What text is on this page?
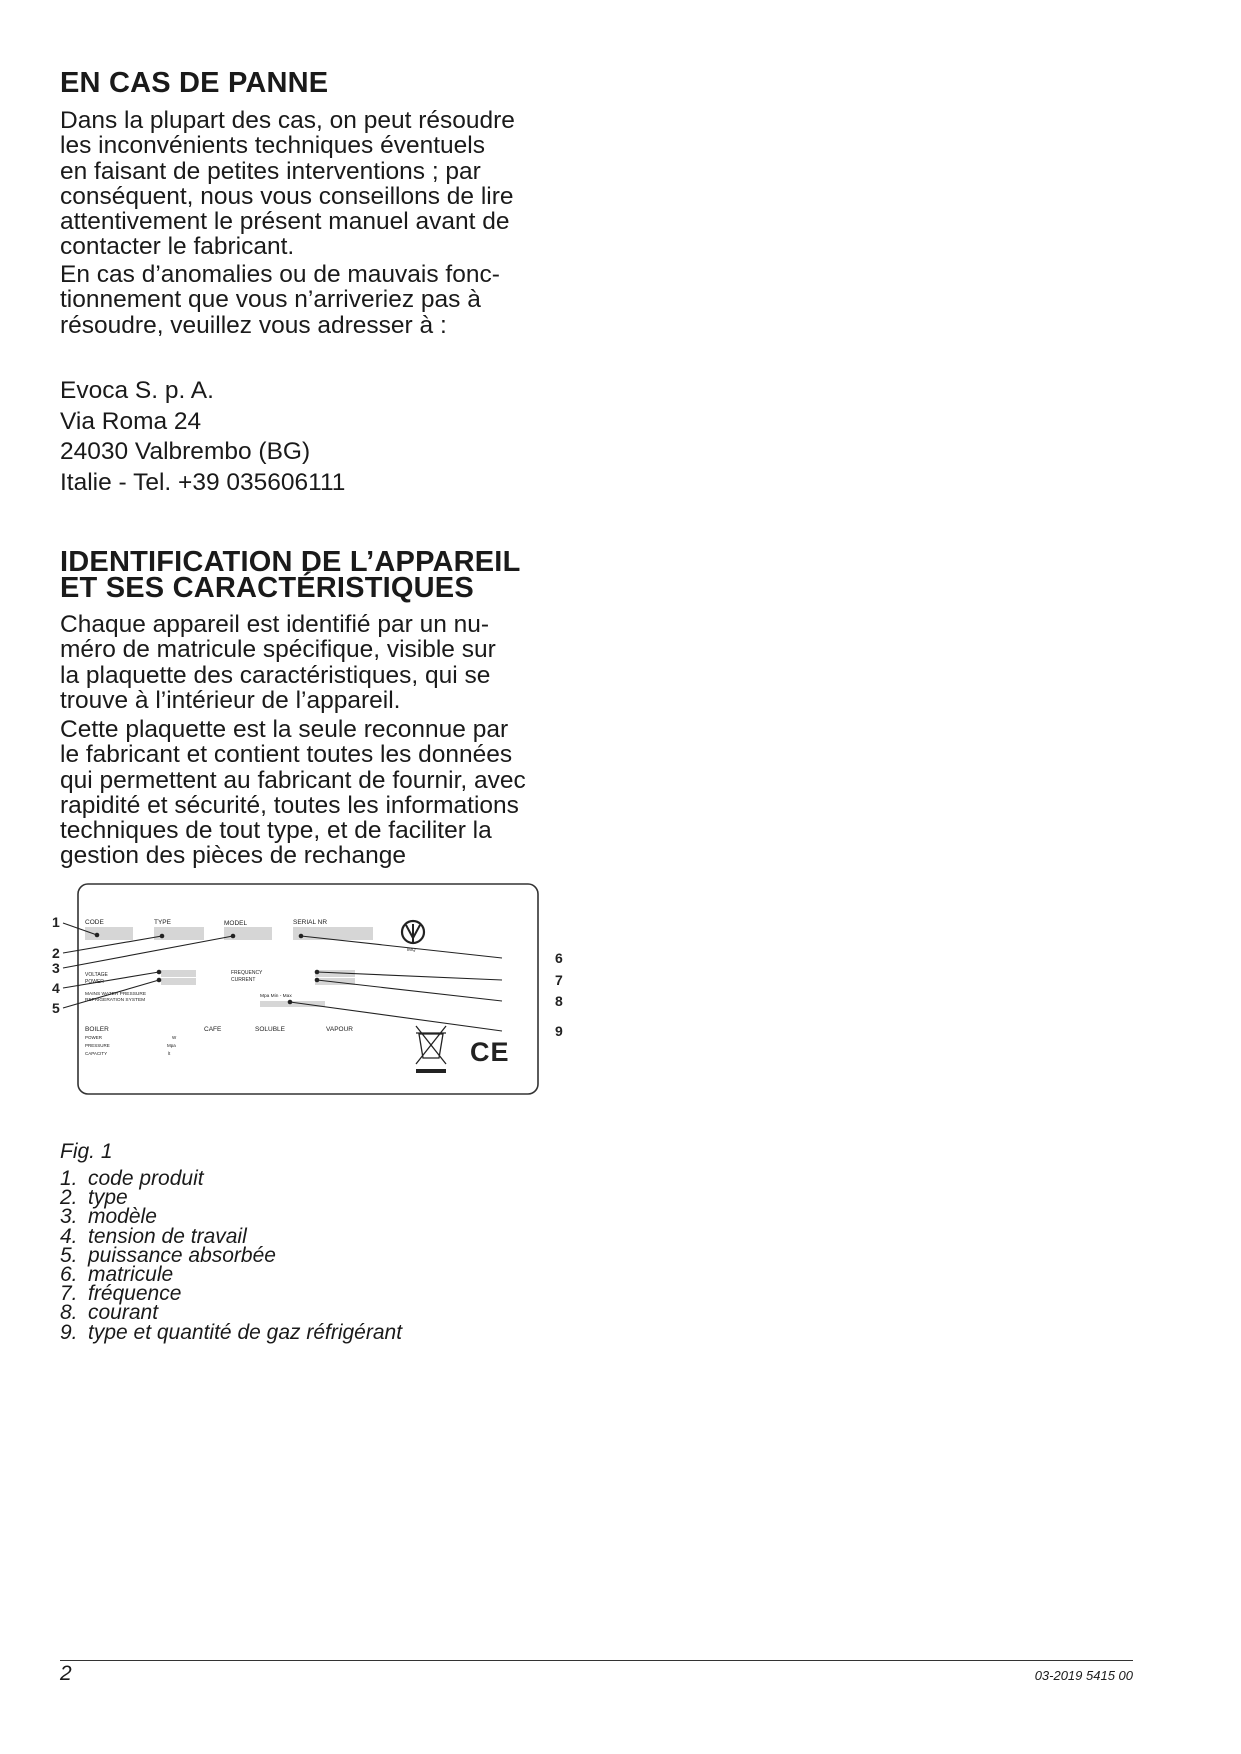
EN CAS DE PANNE

Dans la plupart des cas, on peut résoudre
les inconvénients techniques éventuels
en faisant de petites interventions ; par
conséquent, nous vous conseillons de lire
attentivement le présent manuel avant de
contacter le fabricant.

En cas d’anomalies ou de mauvais fonc-
tionnement que vous n’arriveriez pas à
résoudre, veuillez vous adresser à :

Evoca S. p. A.
Via Roma 24
24030 Valbrembo (BG)
Italie - Tel. +39 035606111

IDENTIFICATION DE L’APPAREIL
ET SES CARACTÉRISTIQUES

Chaque appareil est identifié par un nu-
méro de matricule spécifique, visible sur
la plaquette des caractéristiques, qui se
trouve à l’intérieur de l’appareil.

Cette plaquette est la seule reconnue par
le fabricant et contient toutes les données
qui permettent au fabricant de fournir, avec
rapidité et sécurité, toutes les informations
techniques de tout type, et de faciliter la
gestion des pièces de rechange

CODE	TYPE	MODEL	SERIAL NR
VOLTAGE
POWER
FREQUENCY
CURRENT
MAINS WATER PRESSURE
REFRIGERATION SYSTEM
Mpa Min - Max
BOILER	CAFE	SOLUBLE	VAPOUR
POWER
PRESSURE
CAPACITY
W
Mpa
lt
IMQ
CE
1
2
3
4
5
6
7
8
9

Fig. 1

1. code produit
2. type
3. modèle
4. tension de travail
5. puissance absorbée
6. matricule
7. fréquence
8. courant
9. type et quantité de gaz réfrigérant
2	03-2019 5415 00
